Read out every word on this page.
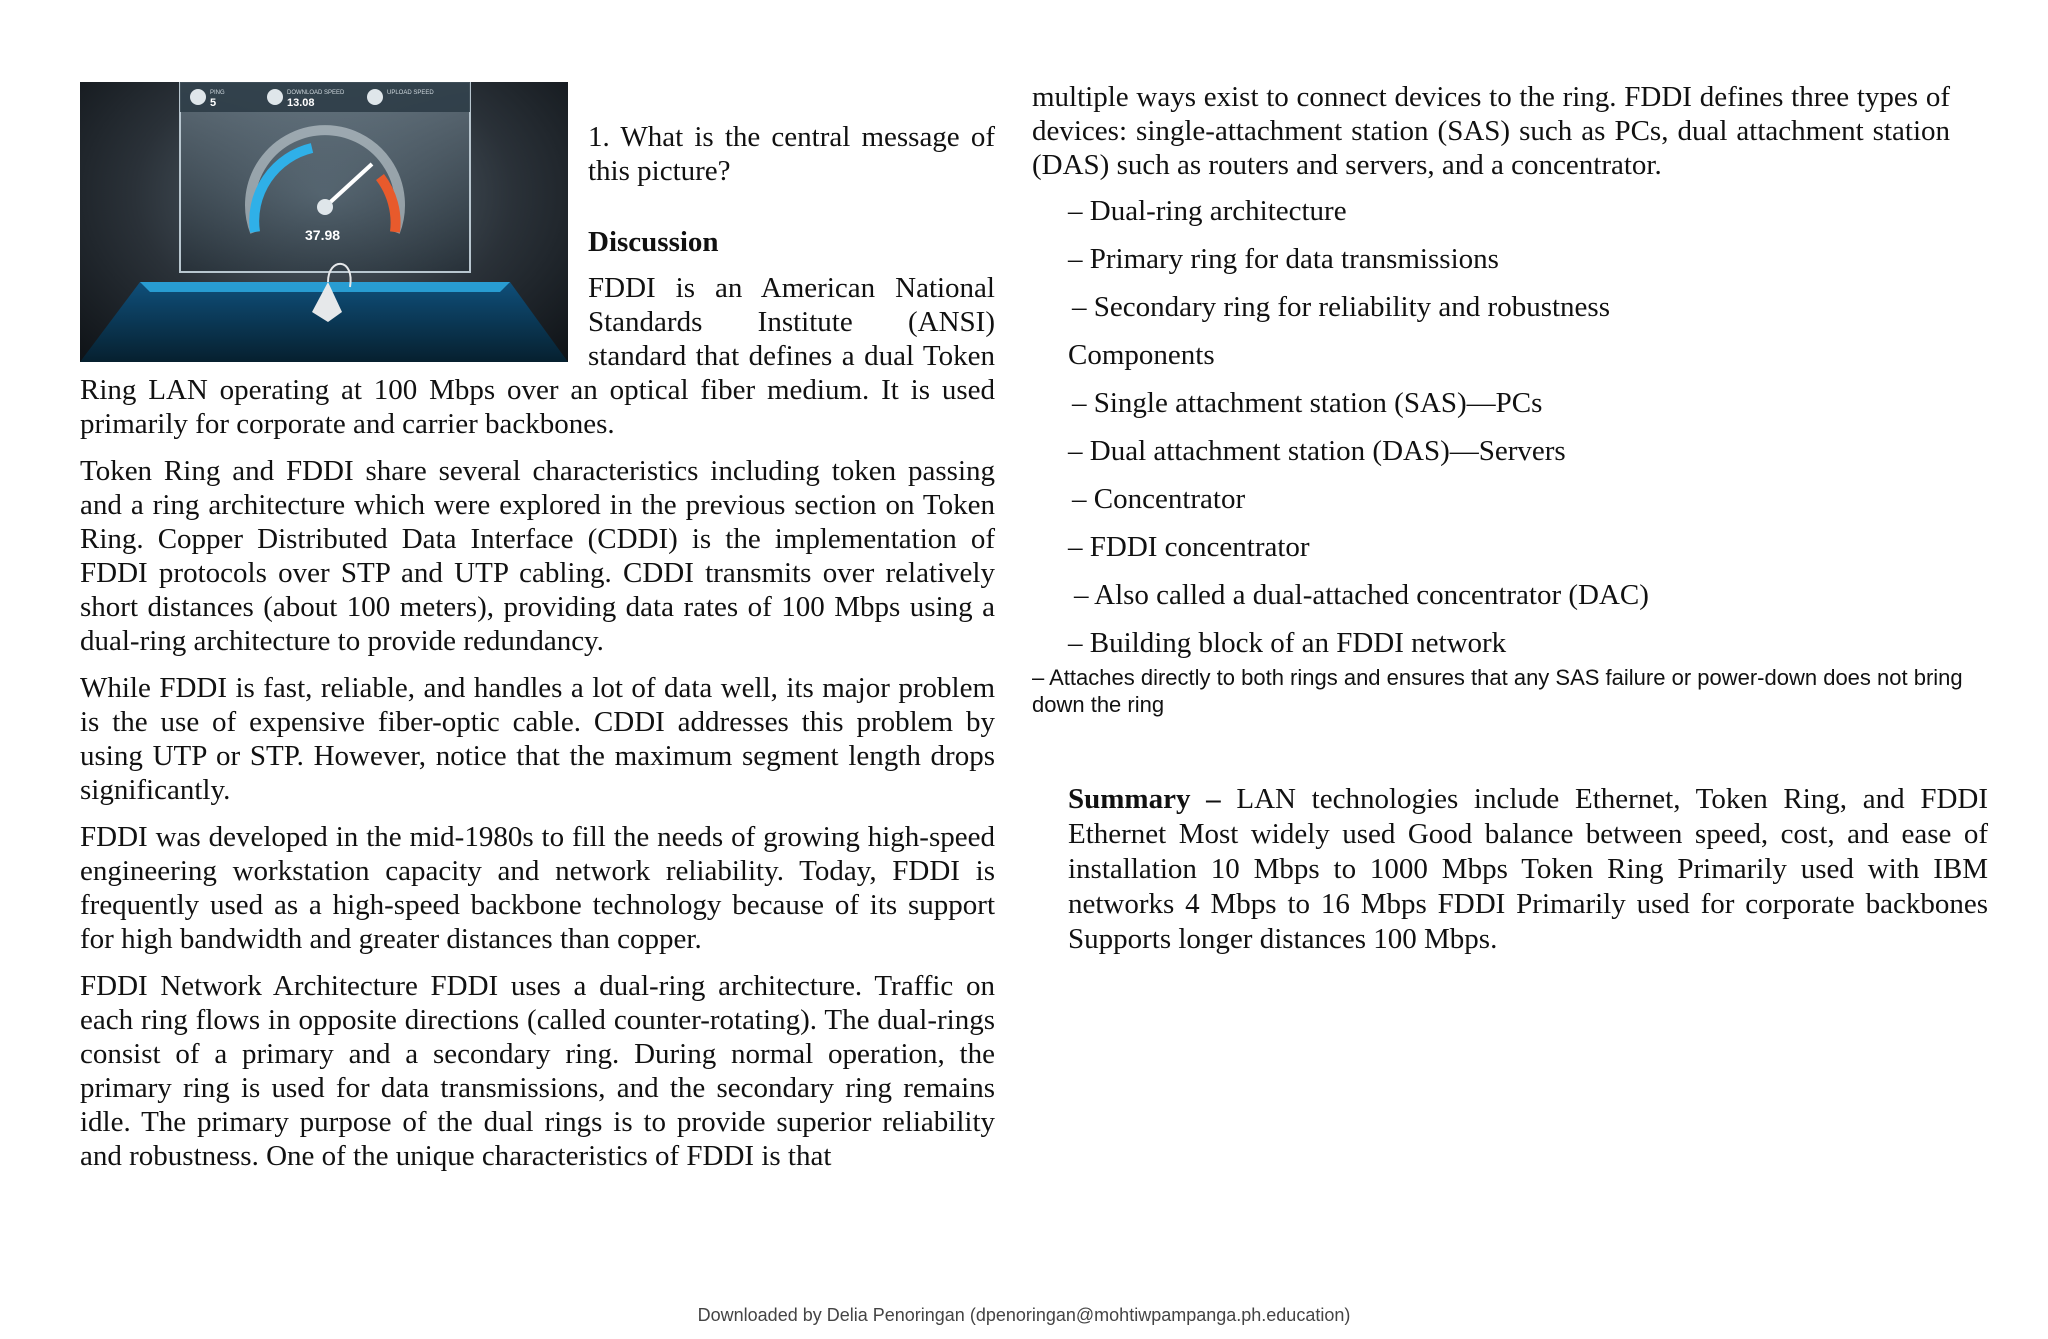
PING
5
DOWNLOAD SPEED
13.08
UPLOAD SPEED
37.98
1. What is the central message of this picture?
Discussion

FDDI is an American National Standards Institute (ANSI) standard that defines a dual Token Ring LAN operating at 100 Mbps over an optical fiber medium. It is used primarily for corporate and carrier backbones.

Token Ring and FDDI share several characteristics including token passing and a ring architecture which were explored in the previous section on Token Ring. Copper Distributed Data Interface (CDDI) is the implementation of FDDI protocols over STP and UTP cabling. CDDI transmits over relatively short distances (about 100 meters), providing data rates of 100 Mbps using a dual-ring architecture to provide redundancy.

While FDDI is fast, reliable, and handles a lot of data well, its major problem is the use of expensive fiber-optic cable. CDDI addresses this problem by using UTP or STP. However, notice that the maximum segment length drops significantly.

FDDI was developed in the mid-1980s to fill the needs of growing high-speed engineering workstation capacity and network reliability. Today, FDDI is frequently used as a high-speed backbone technology because of its support for high bandwidth and greater distances than copper.

FDDI Network Architecture FDDI uses a dual-ring architecture. Traffic on each ring flows in opposite directions (called counter-rotating). The dual-rings consist of a primary and a secondary ring. During normal operation, the primary ring is used for data transmissions, and the secondary ring remains idle. The primary purpose of the dual rings is to provide superior reliability and robustness. One of the unique characteristics of FDDI is that

multiple ways exist to connect devices to the ring. FDDI defines three types of devices: single-attachment station (SAS) such as PCs, dual attachment station (DAS) such as routers and servers, and a concentrator.

– Dual-ring architecture
– Primary ring for data transmissions
– Secondary ring for reliability and robustness
Components
– Single attachment station (SAS)—PCs
– Dual attachment station (DAS)—Servers
– Concentrator
– FDDI concentrator
– Also called a dual-attached concentrator (DAC)
– Building block of an FDDI network
– Attaches directly to both rings and ensures that any SAS failure or power-down does not bring down the ring

Summary – LAN technologies include Ethernet, Token Ring, and FDDI Ethernet Most widely used Good balance between speed, cost, and ease of installation 10 Mbps to 1000 Mbps Token Ring Primarily used with IBM networks 4 Mbps to 16 Mbps FDDI Primarily used for corporate backbones Supports longer distances 100 Mbps.

Downloaded by Delia Penoringan (dpenoringan@mohtiwpampanga.ph.education)
